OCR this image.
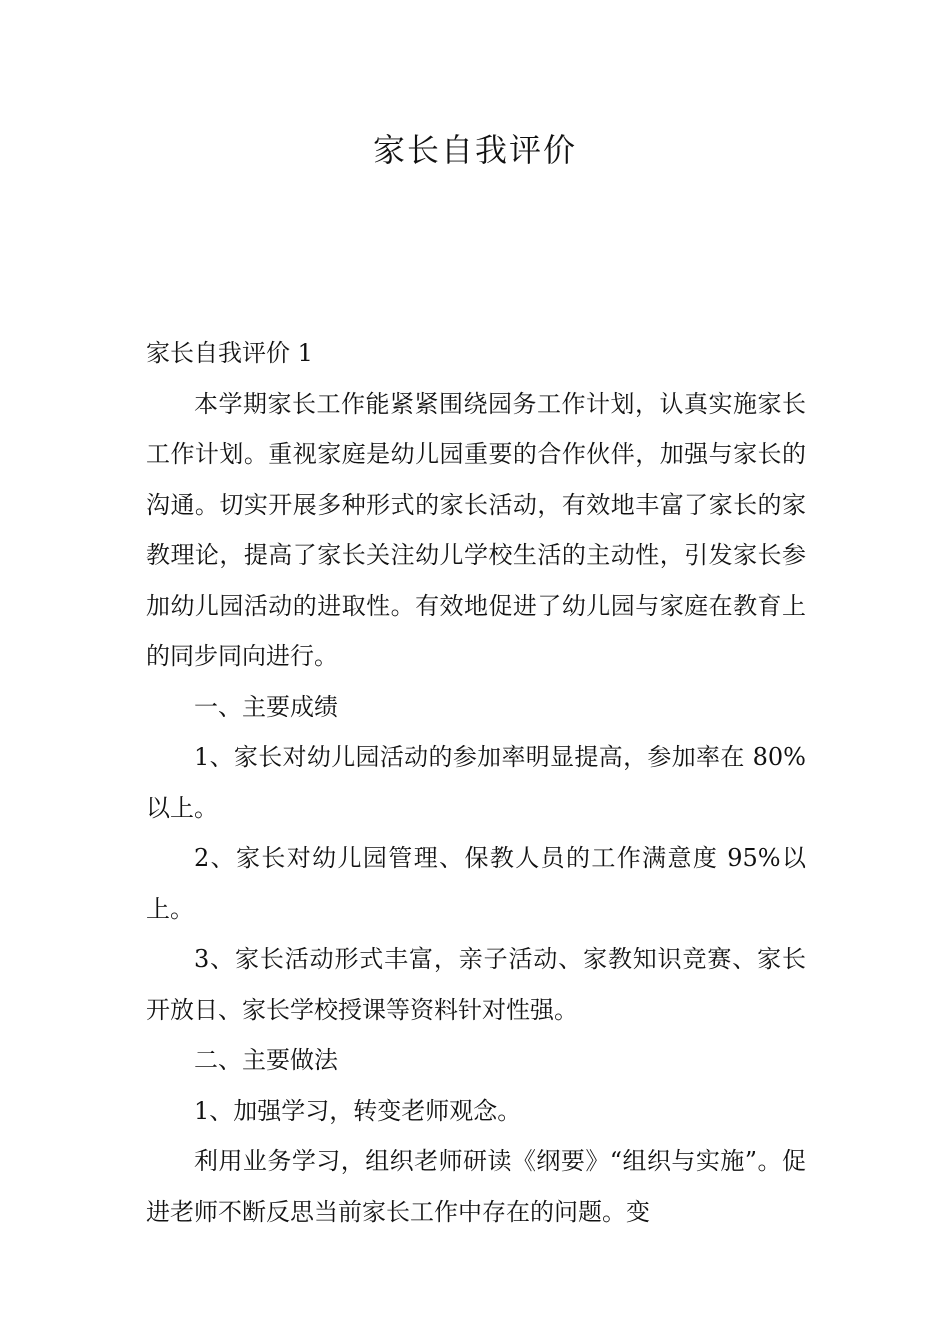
家长自我评价

家长自我评价 1

本学期家长工作能紧紧围绕园务工作计划，认真实施家长工作计划。重视家庭是幼儿园重要的合作伙伴，加强与家长的沟通。切实开展多种形式的家长活动，有效地丰富了家长的家教理论，提高了家长关注幼儿学校生活的主动性，引发家长参加幼儿园活动的进取性。有效地促进了幼儿园与家庭在教育上的同步同向进行。

一、主要成绩

1、家长对幼儿园活动的参加率明显提高，参加率在 80%以上。

2、家长对幼儿园管理、保教人员的工作满意度 95%以上。

3、家长活动形式丰富，亲子活动、家教知识竞赛、家长开放日、家长学校授课等资料针对性强。

二、主要做法

1、加强学习，转变老师观念。

利用业务学习，组织老师研读《纲要》“组织与实施”。促进老师不断反思当前家长工作中存在的问题。变
